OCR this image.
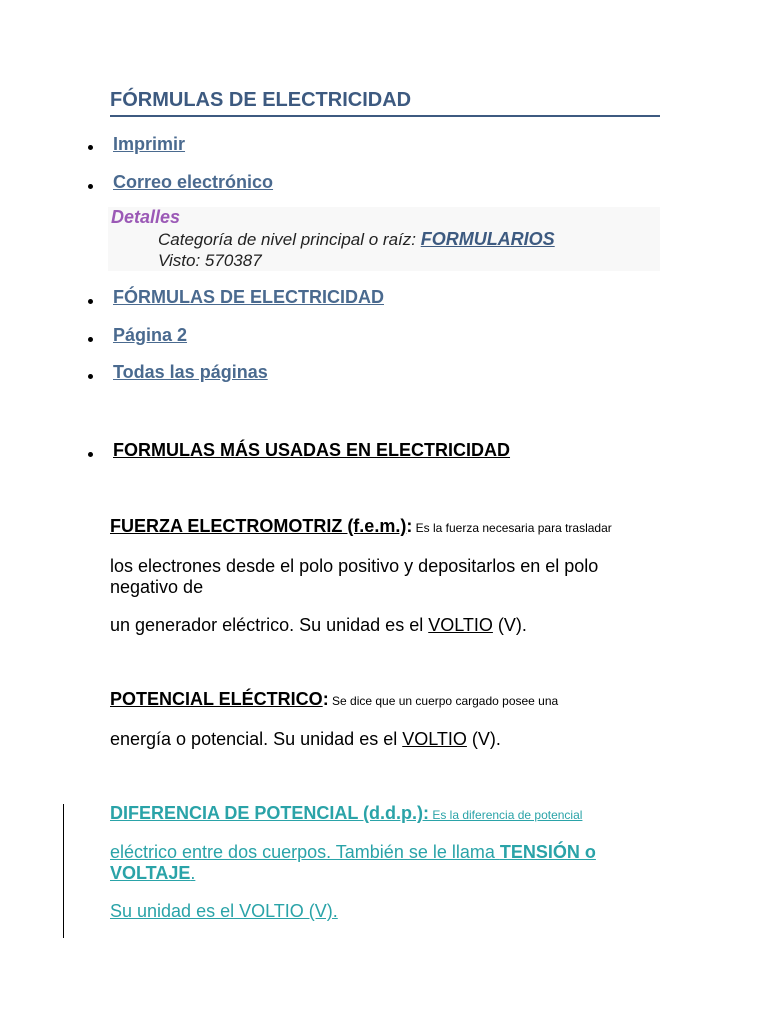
FÓRMULAS DE ELECTRICIDAD
Imprimir
Correo electrónico
Detalles
Categoría de nivel principal o raíz: FORMULARIOS
Visto: 570387
FÓRMULAS DE ELECTRICIDAD
Página 2
Todas las páginas
FORMULAS MÁS USADAS EN ELECTRICIDAD
FUERZA ELECTROMOTRIZ (f.e.m.): Es la fuerza necesaria para trasladar
los electrones desde el polo positivo y depositarlos en el polo
negativo de
un generador eléctrico. Su unidad es el VOLTIO (V).
POTENCIAL ELÉCTRICO: Se dice que un cuerpo cargado posee una
energía o potencial. Su unidad es el VOLTIO (V).
DIFERENCIA DE POTENCIAL (d.d.p.): Es la diferencia de potencial
eléctrico entre dos cuerpos. También se le llama TENSIÓN o VOLTAJE.
Su unidad es el VOLTIO (V).
